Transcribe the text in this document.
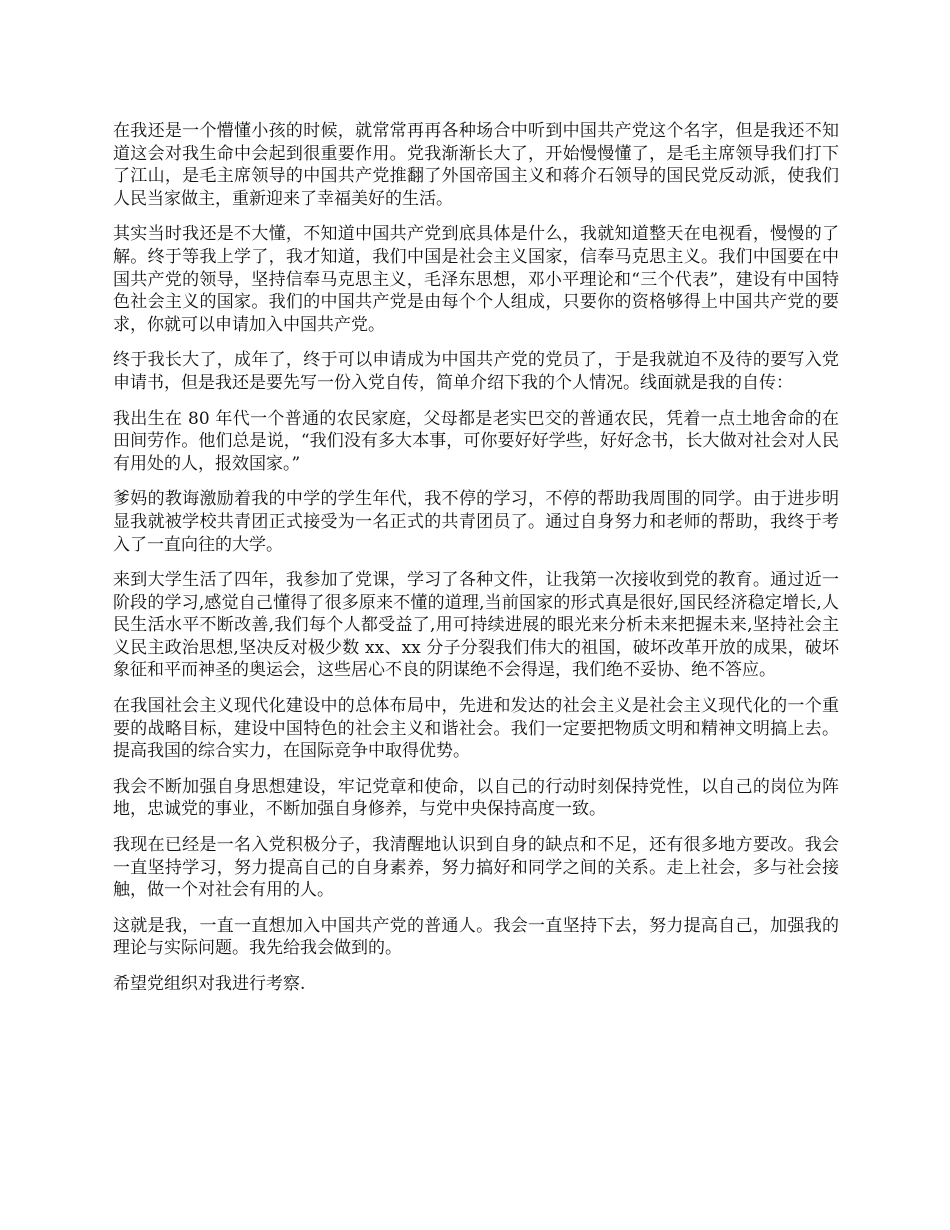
在我还是一个懵懂小孩的时候，就常常再再各种场合中听到中国共产党这个名字，但是我还不知道这会对我生命中会起到很重要作用。党我渐渐长大了，开始慢慢懂了，是毛主席领导我们打下了江山，是毛主席领导的中国共产党推翻了外国帝国主义和蒋介石领导的国民党反动派，使我们人民当家做主，重新迎来了幸福美好的生活。

其实当时我还是不大懂，不知道中国共产党到底具体是什么，我就知道整天在电视看，慢慢的了解。终于等我上学了，我才知道，我们中国是社会主义国家，信奉马克思主义。我们中国要在中国共产党的领导，坚持信奉马克思主义，毛泽东思想，邓小平理论和“三个代表”，建设有中国特色社会主义的国家。我们的中国共产党是由每个个人组成，只要你的资格够得上中国共产党的要求，你就可以申请加入中国共产党。

终于我长大了，成年了，终于可以申请成为中国共产党的党员了，于是我就迫不及待的要写入党申请书，但是我还是要先写一份入党自传，简单介绍下我的个人情况。线面就是我的自传：

我出生在 80 年代一个普通的农民家庭，父母都是老实巴交的普通农民，凭着一点土地舍命的在田间劳作。他们总是说，“我们没有多大本事，可你要好好学些，好好念书，长大做对社会对人民有用处的人，报效国家。”

爹妈的教诲激励着我的中学的学生年代，我不停的学习，不停的帮助我周围的同学。由于进步明显我就被学校共青团正式接受为一名正式的共青团员了。通过自身努力和老师的帮助，我终于考入了一直向往的大学。

来到大学生活了四年，我参加了党课，学习了各种文件，让我第一次接收到党的教育。通过近一阶段的学习,感觉自己懂得了很多原来不懂的道理,当前国家的形式真是很好,国民经济稳定增长,人民生活水平不断改善,我们每个人都受益了,用可持续进展的眼光来分析未来把握未来,坚持社会主义民主政治思想,坚决反对极少数 xx、xx 分子分裂我们伟大的祖国，破坏改革开放的成果，破坏象征和平而神圣的奥运会，这些居心不良的阴谋绝不会得逞，我们绝不妥协、绝不答应。

在我国社会主义现代化建设中的总体布局中，先进和发达的社会主义是社会主义现代化的一个重要的战略目标，建设中国特色的社会主义和谐社会。我们一定要把物质文明和精神文明搞上去。提高我国的综合实力，在国际竞争中取得优势。

我会不断加强自身思想建设，牢记党章和使命，以自己的行动时刻保持党性，以自己的岗位为阵地，忠诚党的事业，不断加强自身修养，与党中央保持高度一致。

我现在已经是一名入党积极分子，我清醒地认识到自身的缺点和不足，还有很多地方要改。我会一直坚持学习，努力提高自己的自身素养，努力搞好和同学之间的关系。走上社会，多与社会接触，做一个对社会有用的人。

这就是我，一直一直想加入中国共产党的普通人。我会一直坚持下去，努力提高自己，加强我的理论与实际问题。我先给我会做到的。

希望党组织对我进行考察.
